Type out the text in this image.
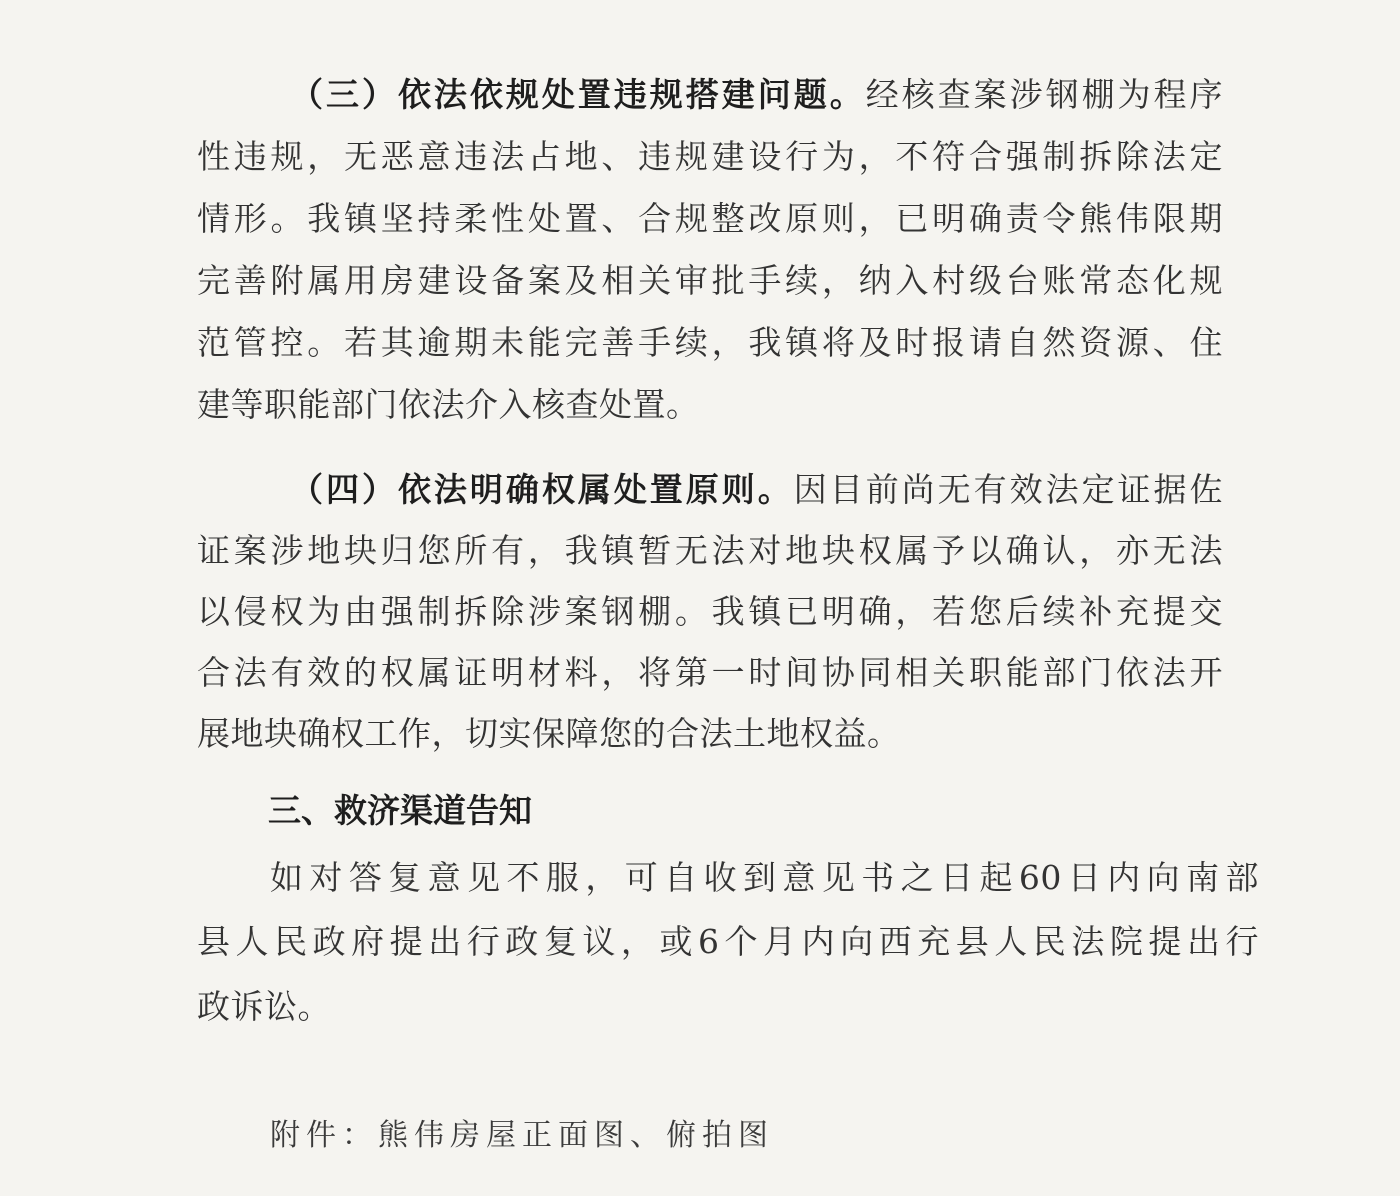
（三）依法依规处置违规搭建问题。经核查案涉钢棚为程序
性违规，无恶意违法占地、违规建设行为，不符合强制拆除法定
情形。我镇坚持柔性处置、合规整改原则，已明确责令熊伟限期
完善附属用房建设备案及相关审批手续，纳入村级台账常态化规
范管控。若其逾期未能完善手续，我镇将及时报请自然资源、住
建等职能部门依法介入核查处置。
（四）依法明确权属处置原则。因目前尚无有效法定证据佐
证案涉地块归您所有，我镇暂无法对地块权属予以确认，亦无法
以侵权为由强制拆除涉案钢棚。我镇已明确，若您后续补充提交
合法有效的权属证明材料，将第一时间协同相关职能部门依法开
展地块确权工作，切实保障您的合法土地权益。
三、救济渠道告知
如对答复意见不服，可自收到意见书之日起60日内向南部
县人民政府提出行政复议，或6个月内向西充县人民法院提出行
政诉讼。
附件：熊伟房屋正面图、俯拍图
